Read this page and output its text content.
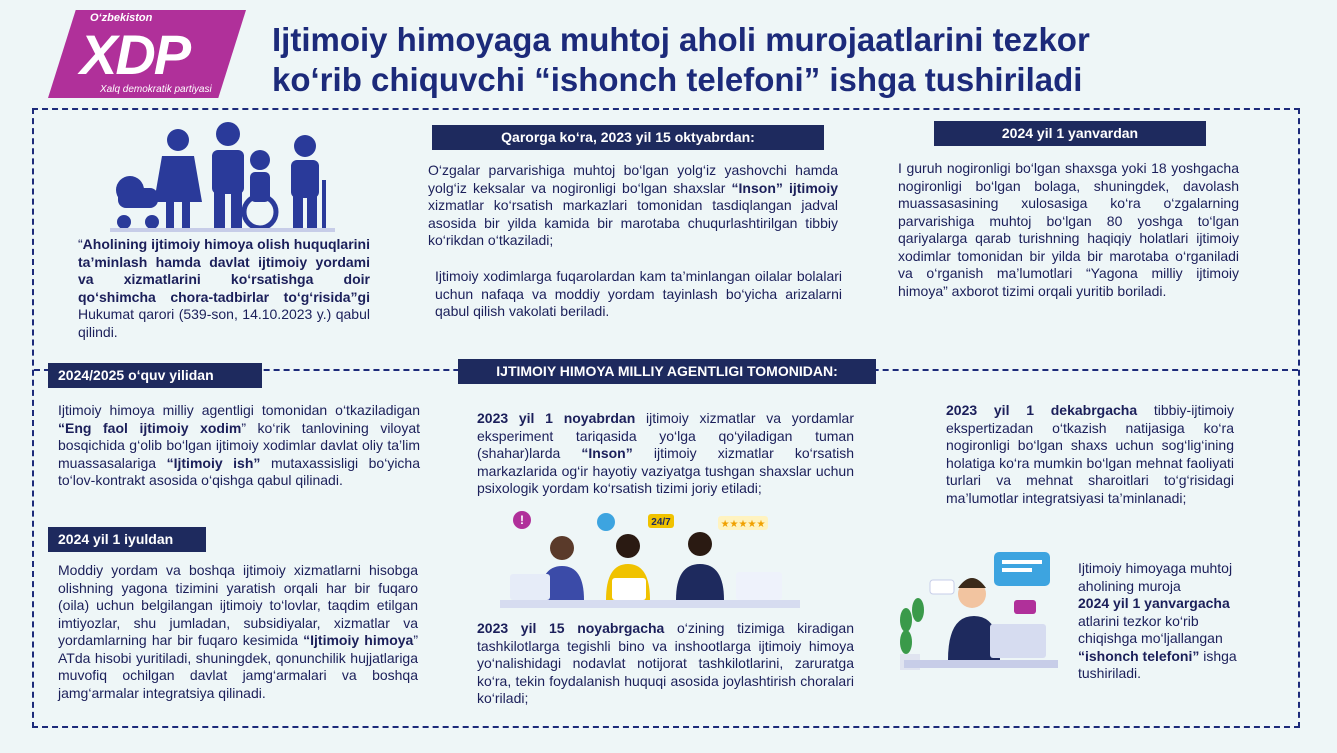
O‘zbekiston
XDP
Xalq demokratik partiyasi
Ijtimoiy himoyaga muhtoj aholi murojaatlarini tezkor
ko‘rib chiquvchi “ishonch telefoni” ishga tushiriladi
“Aholining ijtimoiy himoya olish huquqlarini ta’minlash hamda davlat ijtimoiy yordami va xizmatlarini ko‘rsatishga doir qo‘shimcha chora-tadbirlar to‘g‘risida”gi Hukumat qarori (539-son, 14.10.2023 y.) qabul qilindi.
Qarorga ko‘ra, 2023 yil 15 oktyabrdan:
O‘zgalar parvarishiga muhtoj bo‘lgan yolg‘iz yashovchi hamda yolg‘iz keksalar va nogironligi bo‘lgan shaxslar “Inson” ijtimoiy xizmatlar ko‘rsatish markazlari tomonidan tasdiqlangan jadval asosida bir yilda kamida bir marotaba chuqurlashtirilgan tibbiy ko‘rikdan o‘tkaziladi;
Ijtimoiy xodimlarga fuqarolardan kam ta’minlangan oilalar bolalari uchun nafaqa va moddiy yordam tayinlash bo‘yicha arizalarni qabul qilish vakolati beriladi.
2024 yil 1 yanvardan
I guruh nogironligi bo‘lgan shaxsga yoki 18 yoshgacha nogironligi bo‘lgan bolaga, shuningdek, davolash muassasasining xulosasiga ko‘ra o‘zgalarning parvarishiga muhtoj bo‘lgan 80 yoshga to‘lgan qariyalarga qarab turishning haqiqiy holatlari ijtimoiy xodimlar tomonidan bir yilda bir marotaba o‘rganiladi va o‘rganish ma’lumotlari “Yagona milliy ijtimoiy himoya” axborot tizimi orqali yuritib boriladi.
IJTIMOIY HIMOYA MILLIY AGENTLIGI TOMONIDAN:
2024/2025 o‘quv yilidan
Ijtimoiy himoya milliy agentligi tomonidan o‘tkaziladigan “Eng faol ijtimoiy xodim” ko‘rik tanlovining viloyat bosqichida g‘olib bo‘lgan ijtimoiy xodimlar davlat oliy ta’lim muassasalariga “Ijtimoiy ish” mutaxassisligi bo‘yicha to‘lov-kontrakt asosida o‘qishga qabul qilinadi.
2024 yil 1 iyuldan
Moddiy yordam va boshqa ijtimoiy xizmatlarni hisobga olishning yagona tizimini yaratish orqali har bir fuqaro (oila) uchun belgilangan ijtimoiy to‘lovlar, taqdim etilgan imtiyozlar, shu jumladan, subsidiyalar, xizmatlar va yordamlarning har bir fuqaro kesimida “Ijtimoiy himoya” ATda hisobi yuritiladi, shuningdek, qonunchilik hujjatlariga muvofiq ochilgan davlat jamg‘armalari va boshqa jamg‘armalar integratsiya qilinadi.
2023 yil 1 noyabrdan ijtimoiy xizmatlar va yordamlar eksperiment tariqasida yo‘lga qo‘yiladigan tuman (shahar)larda “Inson” ijtimoiy xizmatlar ko‘rsatish markazlarida og‘ir hayotiy vaziyatga tushgan shaxslar uchun psixologik yordam ko‘rsatish tizimi joriy etiladi;
!	24/7	★★★★★
2023 yil 15 noyabrgacha o‘zining tizimiga kiradigan tashkilotlarga tegishli bino va inshootlarga ijtimoiy himoya yo‘nalishidagi nodavlat notijorat tashkilotlarini, zaruratga ko‘ra, tekin foydalanish huquqi asosida joylashtirish choralari ko‘riladi;
2023 yil 1 dekabrgacha tibbiy-ijtimoiy ekspertizadan o‘tkazish natijasiga ko‘ra nogironligi bo‘lgan shaxs uchun sog‘lig‘ining holatiga ko‘ra mumkin bo‘lgan mehnat faoliyati turlari va mehnat sharoitlari to‘g‘risidagi ma’lumotlar integratsiyasi ta’minlanadi;
Ijtimoiy himoyaga muhtoj aholining muroja
2024 yil 1 yanvargacha atlarini tezkor ko‘rib chiqishga mo‘ljallangan “ishonch telefoni” ishga tushiriladi.
